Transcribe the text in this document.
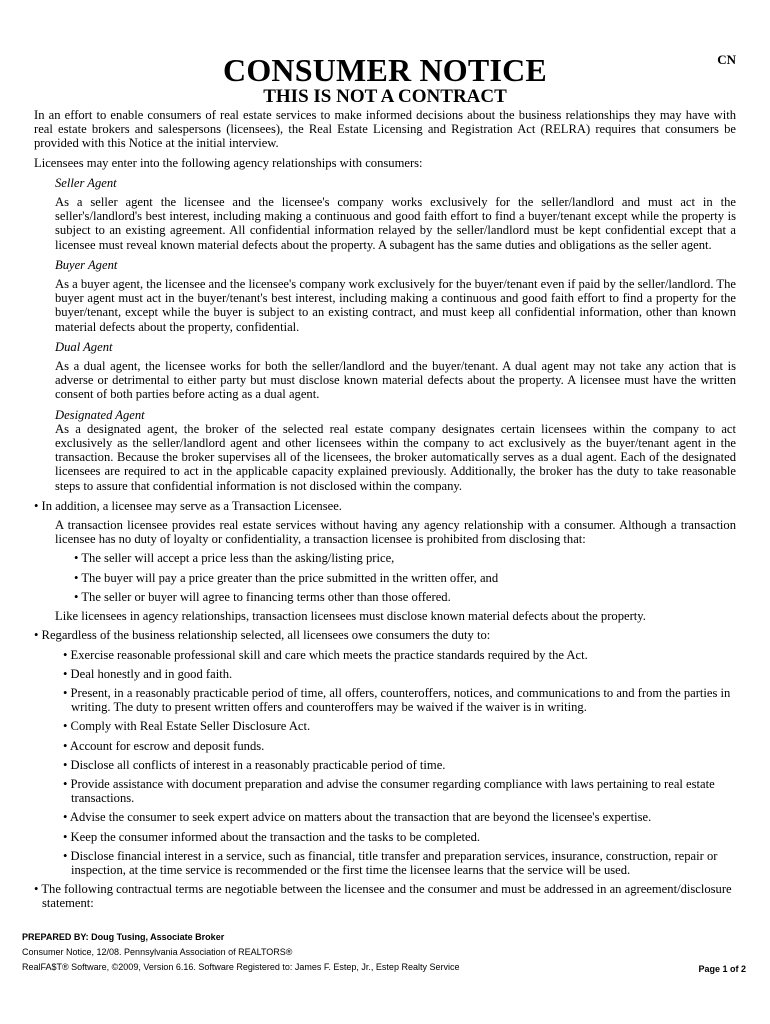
CN
CONSUMER NOTICE
THIS IS NOT A CONTRACT

In an effort to enable consumers of real estate services to make informed decisions about the business relationships they may have with real estate brokers and salespersons (licensees), the Real Estate Licensing and Registration Act (RELRA) requires that consumers be provided with this Notice at the initial interview.

Licensees may enter into the following agency relationships with consumers:

Seller Agent

As a seller agent the licensee and the licensee's company works exclusively for the seller/landlord and must act in the seller's/landlord's best interest, including making a continuous and good faith effort to find a buyer/tenant except while the property is subject to an existing agreement. All confidential information relayed by the seller/landlord must be kept confidential except that a licensee must reveal known material defects about the property. A subagent has the same duties and obligations as the seller agent.

Buyer Agent

As a buyer agent, the licensee and the licensee's company work exclusively for the buyer/tenant even if paid by the seller/landlord. The buyer agent must act in the buyer/tenant's best interest, including making a continuous and good faith effort to find a property for the buyer/tenant, except while the buyer is subject to an existing contract, and must keep all confidential information, other than known material defects about the property, confidential.

Dual Agent

As a dual agent, the licensee works for both the seller/landlord and the buyer/tenant. A dual agent may not take any action that is adverse or detrimental to either party but must disclose known material defects about the property. A licensee must have the written consent of both parties before acting as a dual agent.

Designated Agent

As a designated agent, the broker of the selected real estate company designates certain licensees within the company to act exclusively as the seller/landlord agent and other licensees within the company to act exclusively as the buyer/tenant agent in the transaction. Because the broker supervises all of the licensees, the broker automatically serves as a dual agent. Each of the designated licensees are required to act in the applicable capacity explained previously. Additionally, the broker has the duty to take reasonable steps to assure that confidential information is not disclosed within the company.

• In addition, a licensee may serve as a Transaction Licensee.

A transaction licensee provides real estate services without having any agency relationship with a consumer. Although a transaction licensee has no duty of loyalty or confidentiality, a transaction licensee is prohibited from disclosing that:

• The seller will accept a price less than the asking/listing price,

• The buyer will pay a price greater than the price submitted in the written offer, and

• The seller or buyer will agree to financing terms other than those offered.

Like licensees in agency relationships, transaction licensees must disclose known material defects about the property.

• Regardless of the business relationship selected, all licensees owe consumers the duty to:

• Exercise reasonable professional skill and care which meets the practice standards required by the Act.

• Deal honestly and in good faith.

• Present, in a reasonably practicable period of time, all offers, counteroffers, notices, and communications to and from the parties in writing. The duty to present written offers and counteroffers may be waived if the waiver is in writing.

• Comply with Real Estate Seller Disclosure Act.

• Account for escrow and deposit funds.

• Disclose all conflicts of interest in a reasonably practicable period of time.

• Provide assistance with document preparation and advise the consumer regarding compliance with laws pertaining to real estate transactions.

• Advise the consumer to seek expert advice on matters about the transaction that are beyond the licensee's expertise.

• Keep the consumer informed about the transaction and the tasks to be completed.

• Disclose financial interest in a service, such as financial, title transfer and preparation services, insurance, construction, repair or inspection, at the time service is recommended or the first time the licensee learns that the service will be used.

• The following contractual terms are negotiable between the licensee and the consumer and must be addressed in an agreement/disclosure statement:

PREPARED BY: Doug Tusing, Associate Broker
Consumer Notice, 12/08. Pennsylvania Association of REALTORS®
RealFA$T® Software, ©2009, Version 6.16. Software Registered to: James F. Estep, Jr., Estep Realty Service	Page 1 of 2
